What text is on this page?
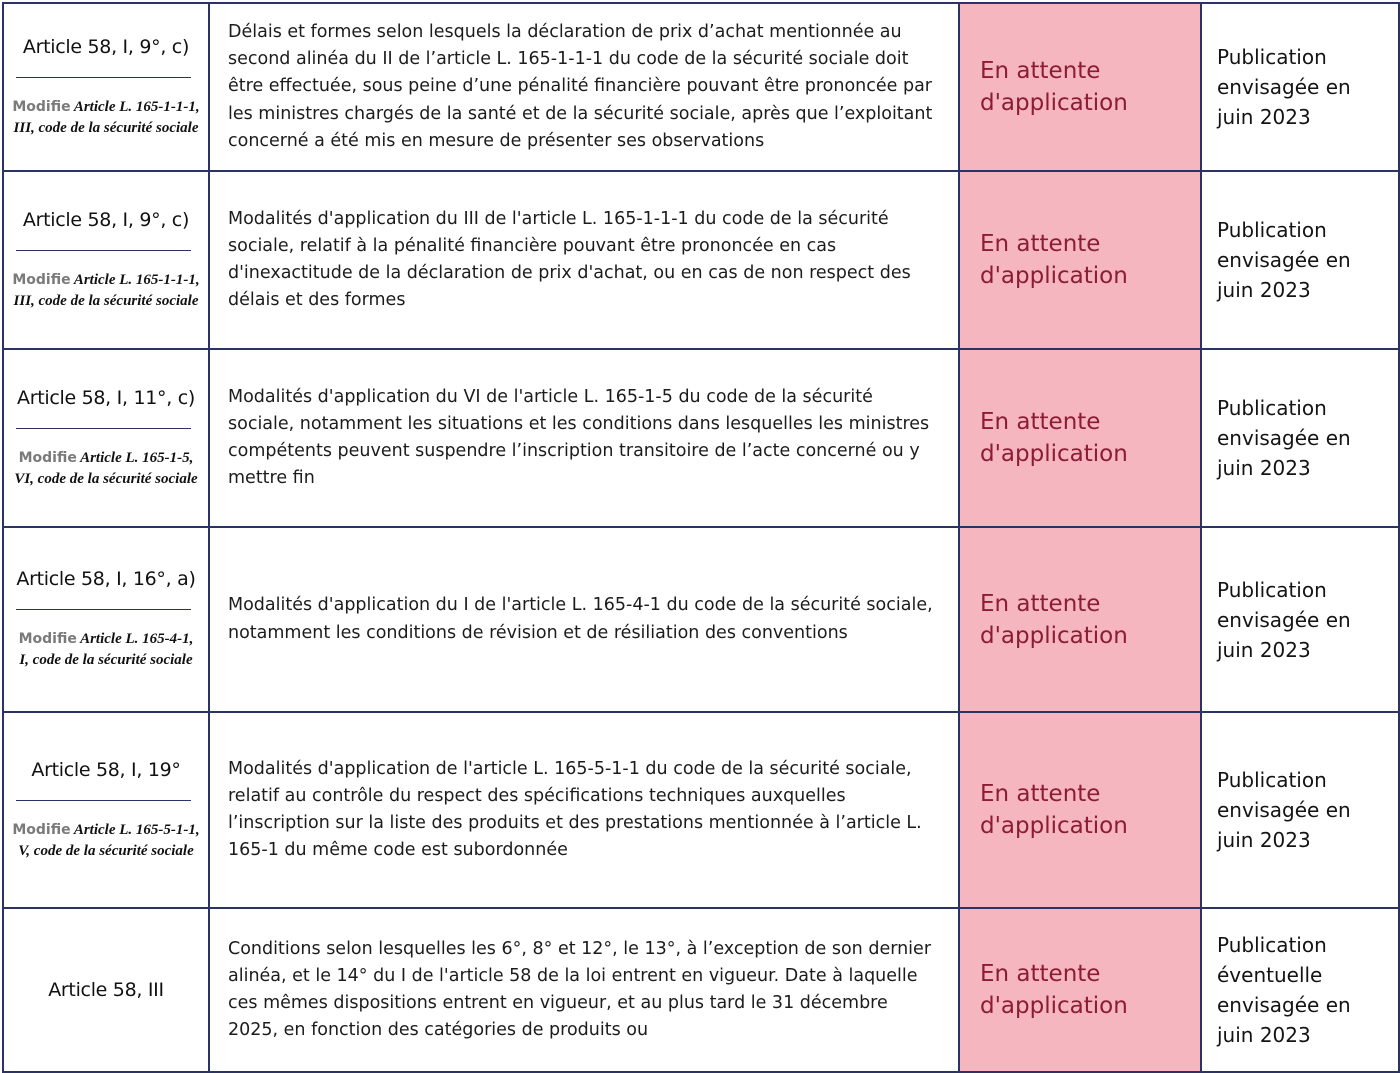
Article 58, I, 9°, c)
Modifie Article L. 165-1-1-1, III, code de la sécurité sociale	Délais et formes selon lesquels la déclaration de prix d’achat mentionnée au second alinéa du II de l’article L. 165-1-1-1 du code de la sécurité sociale doit être effectuée, sous peine d’une pénalité financière pouvant être prononcée par les ministres chargés de la santé et de la sécurité sociale, après que l’exploitant concerné a été mis en mesure de présenter ses observations	En attente d'application	Publication envisagée en juin 2023

Article 58, I, 9°, c)
Modifie Article L. 165-1-1-1, III, code de la sécurité sociale	Modalités d'application du III de l'article L. 165-1-1-1 du code de la sécurité sociale, relatif à la pénalité financière pouvant être prononcée en cas d'inexactitude de la déclaration de prix d'achat, ou en cas de non respect des délais et des formes	En attente d'application	Publication envisagée en juin 2023

Article 58, I, 11°, c)
Modifie Article L. 165-1-5, VI, code de la sécurité sociale	Modalités d'application du VI de l'article L. 165-1-5 du code de la sécurité sociale, notamment les situations et les conditions dans lesquelles les ministres compétents peuvent suspendre l’inscription transitoire de l’acte concerné ou y mettre fin	En attente d'application	Publication envisagée en juin 2023

Article 58, I, 16°, a)
Modifie Article L. 165-4-1, I, code de la sécurité sociale	Modalités d'application du I de l'article L. 165-4-1 du code de la sécurité sociale, notamment les conditions de révision et de résiliation des conventions	En attente d'application	Publication envisagée en juin 2023

Article 58, I, 19°
Modifie Article L. 165-5-1-1, V, code de la sécurité sociale	Modalités d'application de l'article L. 165-5-1-1 du code de la sécurité sociale, relatif au contrôle du respect des spécifications techniques auxquelles l’inscription sur la liste des produits et des prestations mentionnée à l’article L. 165-1 du même code est subordonnée	En attente d'application	Publication envisagée en juin 2023

Article 58, III	Conditions selon lesquelles les 6°, 8° et 12°, le 13°, à l’exception de son dernier alinéa, et le 14° du I de l'article 58 de la loi entrent en vigueur. Date à laquelle ces mêmes dispositions entrent en vigueur, et au plus tard le 31 décembre 2025, en fonction des catégories de produits ou	En attente d'application	Publication éventuelle envisagée en juin 2023
